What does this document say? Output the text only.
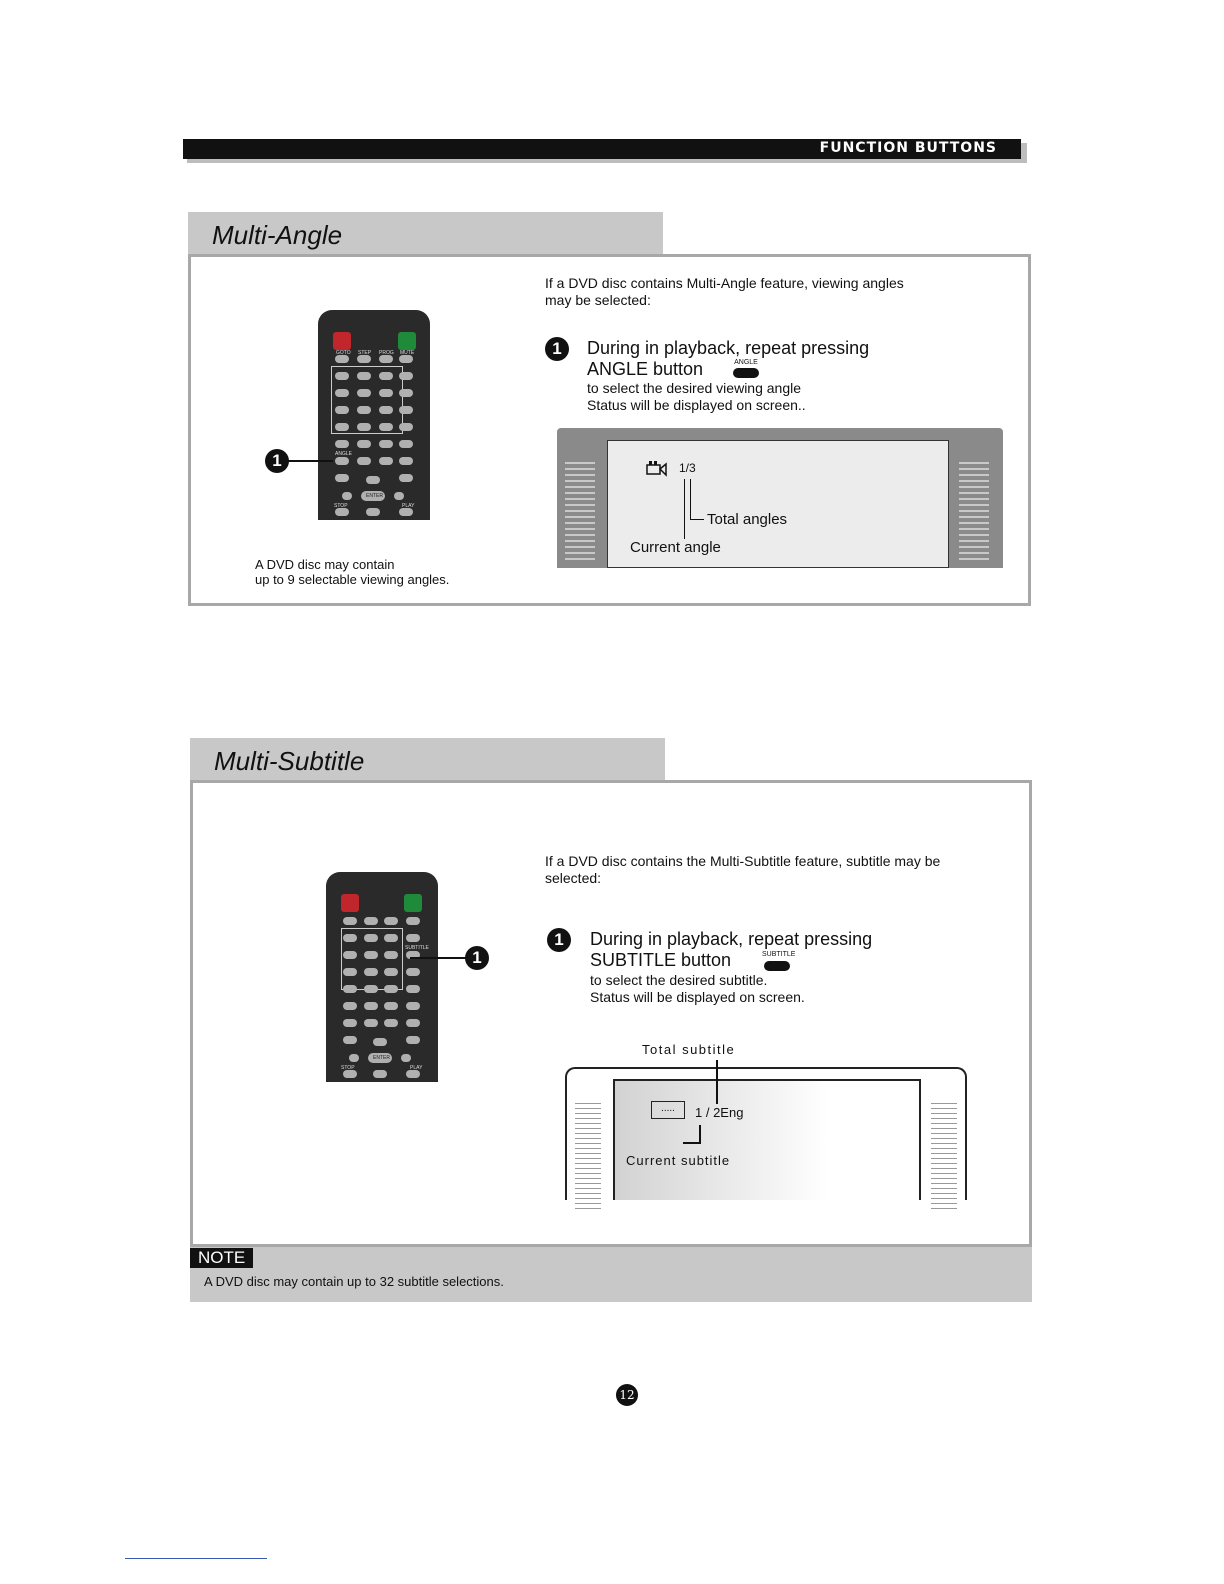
FUNCTION BUTTONS
Multi-Angle
GOTO STEP PROG MUTE
ANGLE
ENTER
STOP	PLAY
1
A DVD disc may contain
up to 9 selectable viewing angles.
If a DVD disc contains Multi-Angle feature, viewing angles
may be selected:
1	During in playback, repeat pressing
ANGLE button	ANGLE
to select the desired viewing angle
Status will be displayed on screen..
1/3
Total angles
Current angle
Multi-Subtitle
SUBTITLE
ENTER
STOP	PLAY
1
If a DVD disc contains the Multi-Subtitle feature, subtitle may be
selected:
1	During in playback, repeat pressing
SUBTITLE button	SUBTITLE
to select the desired subtitle.
Status will be displayed on screen.
Total subtitle
.....	1 / 2Eng
Current subtitle
NOTE
A DVD disc may contain up to 32 subtitle selections.
12
